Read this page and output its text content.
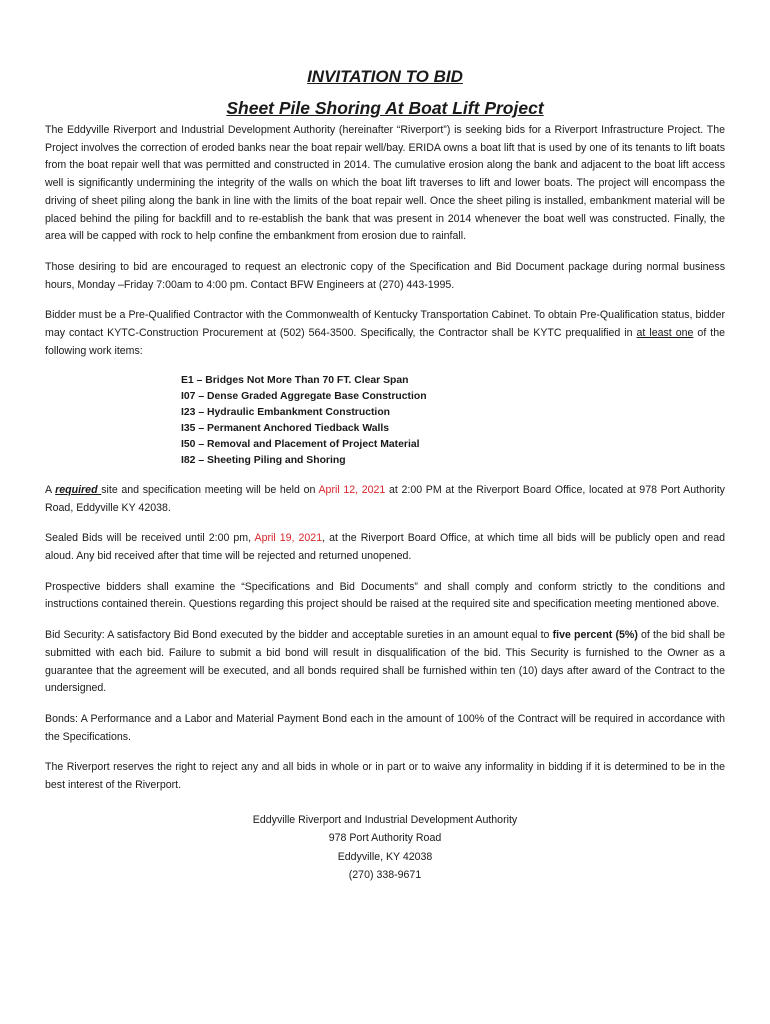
INVITATION TO BID
Sheet Pile Shoring At Boat Lift Project

The Eddyville Riverport and Industrial Development Authority (hereinafter “Riverport”) is seeking bids for a Riverport Infrastructure Project. The Project involves the correction of eroded banks near the boat repair well/bay. ERIDA owns a boat lift that is used by one of its tenants to lift boats from the boat repair well that was permitted and constructed in 2014. The cumulative erosion along the bank and adjacent to the boat lift access well is significantly undermining the integrity of the walls on which the boat lift traverses to lift and lower boats. The project will encompass the driving of sheet piling along the bank in line with the limits of the boat repair well. Once the sheet piling is installed, embankment material will be placed behind the piling for backfill and to re-establish the bank that was present in 2014 whenever the boat well was constructed. Finally, the area will be capped with rock to help confine the embankment from erosion due to rainfall.

Those desiring to bid are encouraged to request an electronic copy of the Specification and Bid Document package during normal business hours, Monday –Friday 7:00am to 4:00 pm. Contact BFW Engineers at (270) 443-1995.

Bidder must be a Pre-Qualified Contractor with the Commonwealth of Kentucky Transportation Cabinet. To obtain Pre-Qualification status, bidder may contact KYTC-Construction Procurement at (502) 564-3500. Specifically, the Contractor shall be KYTC prequalified in at least one of the following work items:

E1 – Bridges Not More Than 70 FT. Clear Span
I07 – Dense Graded Aggregate Base Construction
I23 – Hydraulic Embankment Construction
I35 – Permanent Anchored Tiedback Walls
I50 – Removal and Placement of Project Material
I82 – Sheeting Piling and Shoring

A required site and specification meeting will be held on April 12, 2021 at 2:00 PM at the Riverport Board Office, located at 978 Port Authority Road, Eddyville KY 42038.

Sealed Bids will be received until 2:00 pm, April 19, 2021, at the Riverport Board Office, at which time all bids will be publicly open and read aloud. Any bid received after that time will be rejected and returned unopened.

Prospective bidders shall examine the “Specifications and Bid Documents” and shall comply and conform strictly to the conditions and instructions contained therein. Questions regarding this project should be raised at the required site and specification meeting mentioned above.

Bid Security: A satisfactory Bid Bond executed by the bidder and acceptable sureties in an amount equal to five percent (5%) of the bid shall be submitted with each bid. Failure to submit a bid bond will result in disqualification of the bid. This Security is furnished to the Owner as a guarantee that the agreement will be executed, and all bonds required shall be furnished within ten (10) days after award of the Contract to the undersigned.

Bonds: A Performance and a Labor and Material Payment Bond each in the amount of 100% of the Contract will be required in accordance with the Specifications.

The Riverport reserves the right to reject any and all bids in whole or in part or to waive any informality in bidding if it is determined to be in the best interest of the Riverport.

Eddyville Riverport and Industrial Development Authority
978 Port Authority Road
Eddyville, KY 42038
(270) 338-9671
